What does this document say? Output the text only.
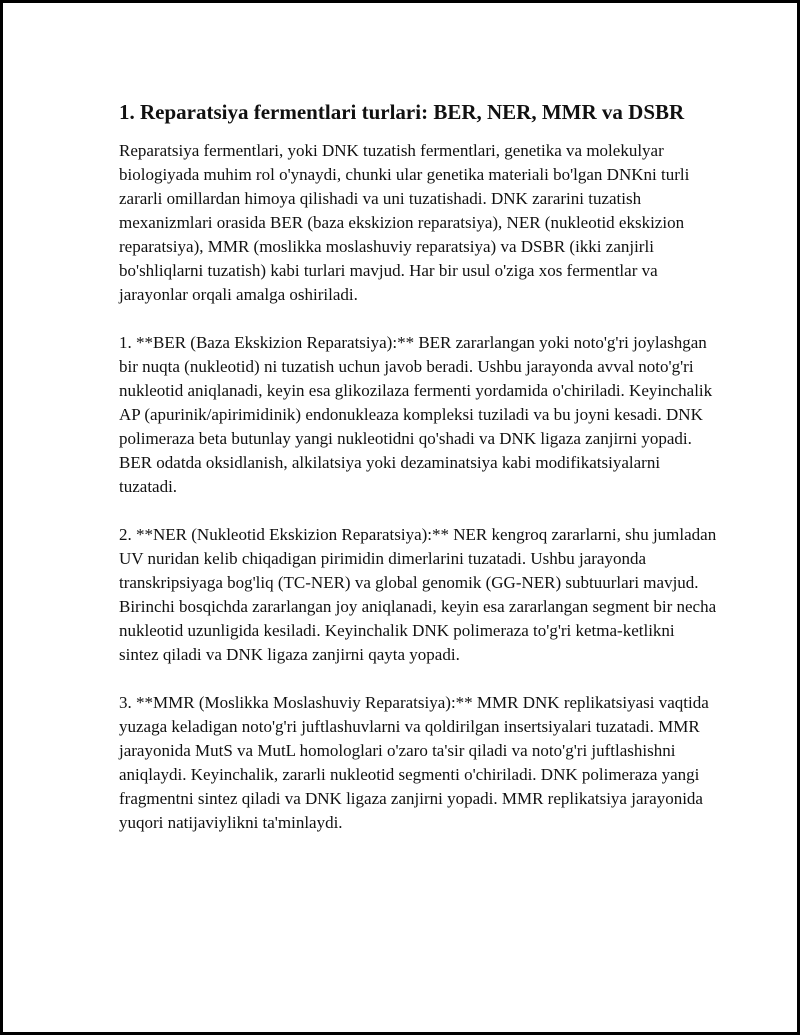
1. Reparatsiya fermentlari turlari: BER, NER, MMR va DSBR

Reparatsiya fermentlari, yoki DNK tuzatish fermentlari, genetika va molekulyar biologiyada muhim rol o'ynaydi, chunki ular genetika materiali bo'lgan DNKni turli zararli omillardan himoya qilishadi va uni tuzatishadi. DNK zararini tuzatish mexanizmlari orasida BER (baza ekskizion reparatsiya), NER (nukleotid ekskizion reparatsiya), MMR (moslikka moslashuviy reparatsiya) va DSBR (ikki zanjirli bo'shliqlarni tuzatish) kabi turlari mavjud. Har bir usul o'ziga xos fermentlar va jarayonlar orqali amalga oshiriladi.

1. **BER (Baza Ekskizion Reparatsiya):** BER zararlangan yoki noto'g'ri joylashgan bir nuqta (nukleotid) ni tuzatish uchun javob beradi. Ushbu jarayonda avval noto'g'ri nukleotid aniqlanadi, keyin esa glikozilaza fermenti yordamida o'chiriladi. Keyinchalik AP (apurinik/apirimidinik) endonukleaza kompleksi tuziladi va bu joyni kesadi. DNK polimeraza beta butunlay yangi nukleotidni qo'shadi va DNK ligaza zanjirni yopadi. BER odatda oksidlanish, alkilatsiya yoki dezaminatsiya kabi modifikatsiyalarni tuzatadi.

2. **NER (Nukleotid Ekskizion Reparatsiya):** NER kengroq zararlarni, shu jumladan UV nuridan kelib chiqadigan pirimidin dimerlarini tuzatadi. Ushbu jarayonda transkripsiyaga bog'liq (TC-NER) va global genomik (GG-NER) subtuurlari mavjud. Birinchi bosqichda zararlangan joy aniqlanadi, keyin esa zararlangan segment bir necha nukleotid uzunligida kesiladi. Keyinchalik DNK polimeraza to'g'ri ketma-ketlikni sintez qiladi va DNK ligaza zanjirni qayta yopadi.

3. **MMR (Moslikka Moslashuviy Reparatsiya):** MMR DNK replikatsiyasi vaqtida yuzaga keladigan noto'g'ri juftlashuvlarni va qoldirilgan insertsiyalari tuzatadi. MMR jarayonida MutS va MutL homologlari o'zaro ta'sir qiladi va noto'g'ri juftlashishni aniqlaydi. Keyinchalik, zararli nukleotid segmenti o'chiriladi. DNK polimeraza yangi fragmentni sintez qiladi va DNK ligaza zanjirni yopadi. MMR replikatsiya jarayonida yuqori natijaviylikni ta'minlaydi.
